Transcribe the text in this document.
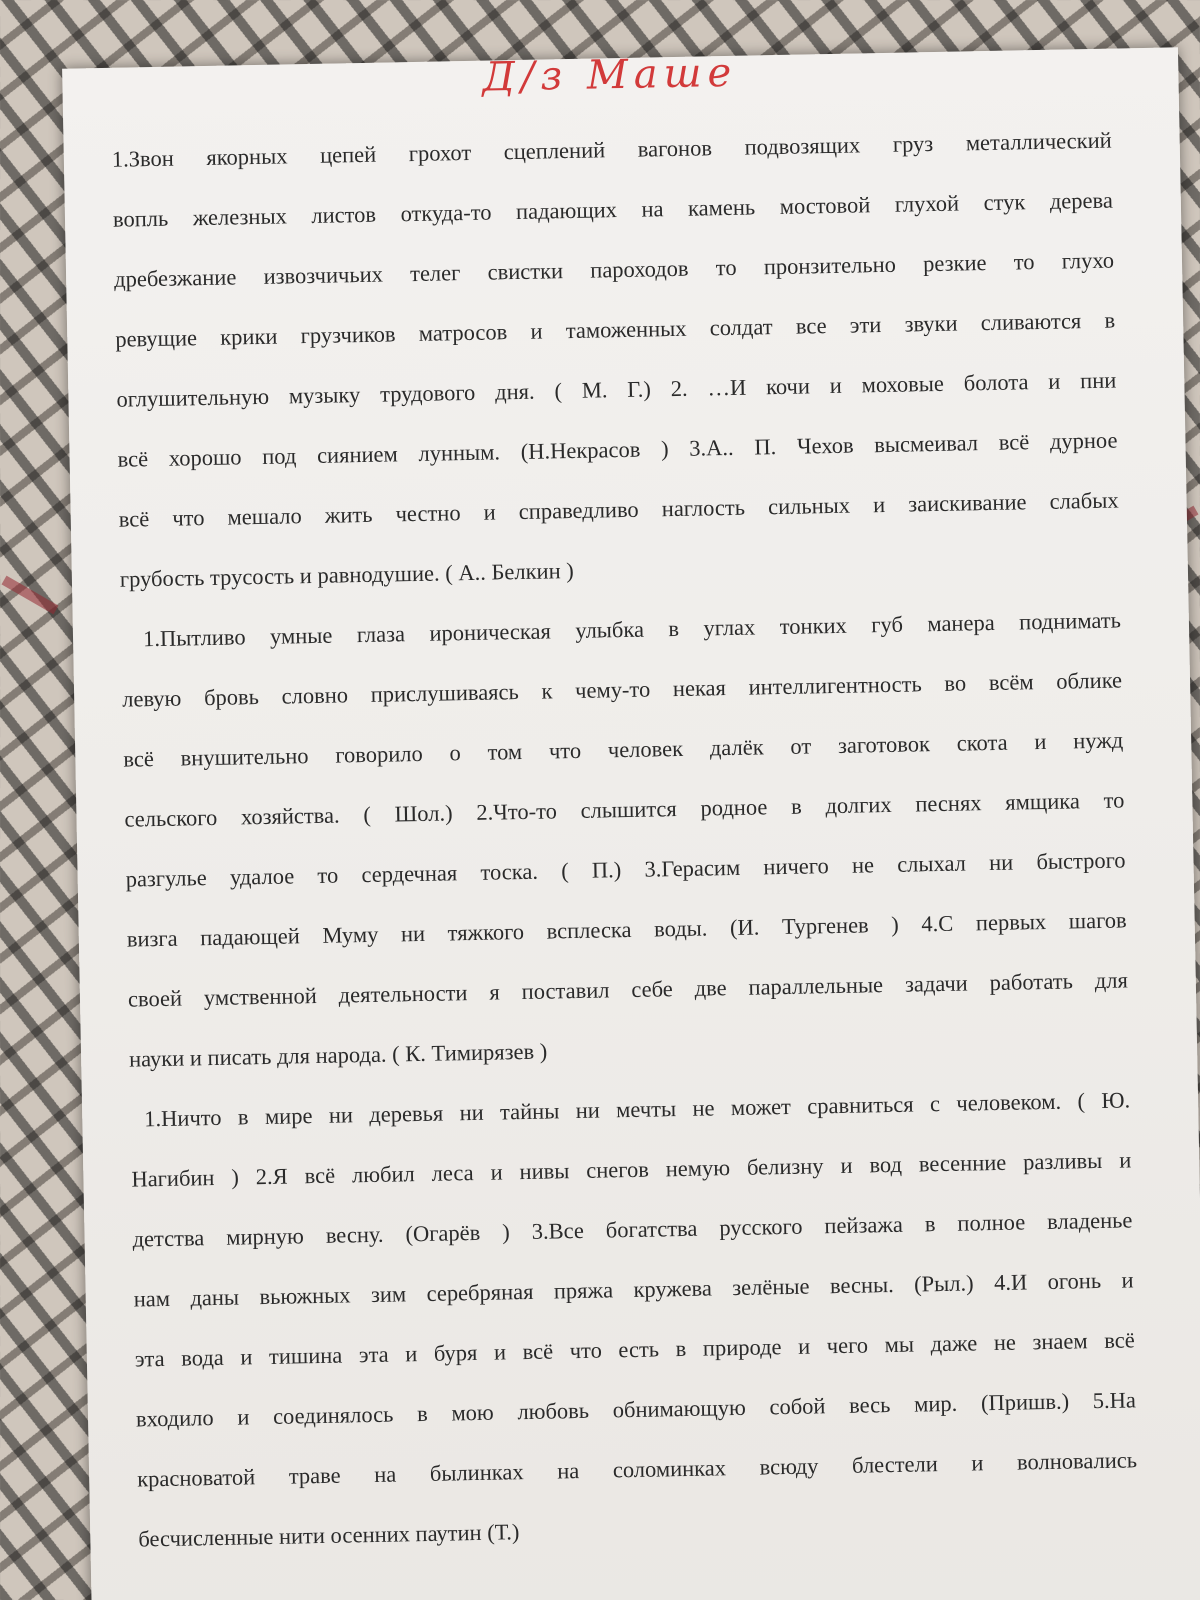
Д/з Маше
1.Звон якорных цепей грохот сцеплений вагонов подвозящих груз металлический
вопль железных листов откуда-то падающих на камень мостовой глухой стук дерева
дребезжание извозчичьих телег свистки пароходов то пронзительно резкие то глухо
ревущие крики грузчиков матросов и таможенных солдат все эти звуки сливаются в
оглушительную музыку трудового дня. ( М. Г.) 2. …И кочи и моховые болота и пни
всё хорошо под сиянием лунным. (Н.Некрасов ) 3.А.. П. Чехов высмеивал всё дурное
всё что мешало жить честно и справедливо наглость сильных и заискивание слабых
грубость трусость и равнодушие. ( А.. Белкин )
1.Пытливо умные глаза ироническая улыбка в углах тонких губ манера поднимать
левую бровь словно прислушиваясь к чему-то некая интеллигентность во всём облике
всё внушительно говорило о том что человек далёк от заготовок скота и нужд
сельского хозяйства. ( Шол.) 2.Что-то слышится родное в долгих песнях ямщика то
разгулье удалое то сердечная тоска. ( П.) 3.Герасим ничего не слыхал ни быстрого
визга падающей Муму ни тяжкого всплеска воды. (И. Тургенев ) 4.С первых шагов
своей умственной деятельности я поставил себе две параллельные задачи работать для
науки и писать для народа. ( К. Тимирязев )
1.Ничто в мире ни деревья ни тайны ни мечты не может сравниться с человеком. ( Ю.
Нагибин ) 2.Я всё любил леса и нивы снегов немую белизну и вод весенние разливы и
детства мирную весну. (Огарёв ) 3.Все богатства русского пейзажа в полное владенье
нам даны вьюжных зим серебряная пряжа кружева зелёные весны. (Рыл.) 4.И огонь и
эта вода и тишина эта и буря и всё что есть в природе и чего мы даже не знаем всё
входило и соединялось в мою любовь обнимающую собой весь мир. (Пришв.) 5.На
красноватой траве на былинках на соломинках всюду блестели и волновались
бесчисленные нити осенних паутин (Т.)
